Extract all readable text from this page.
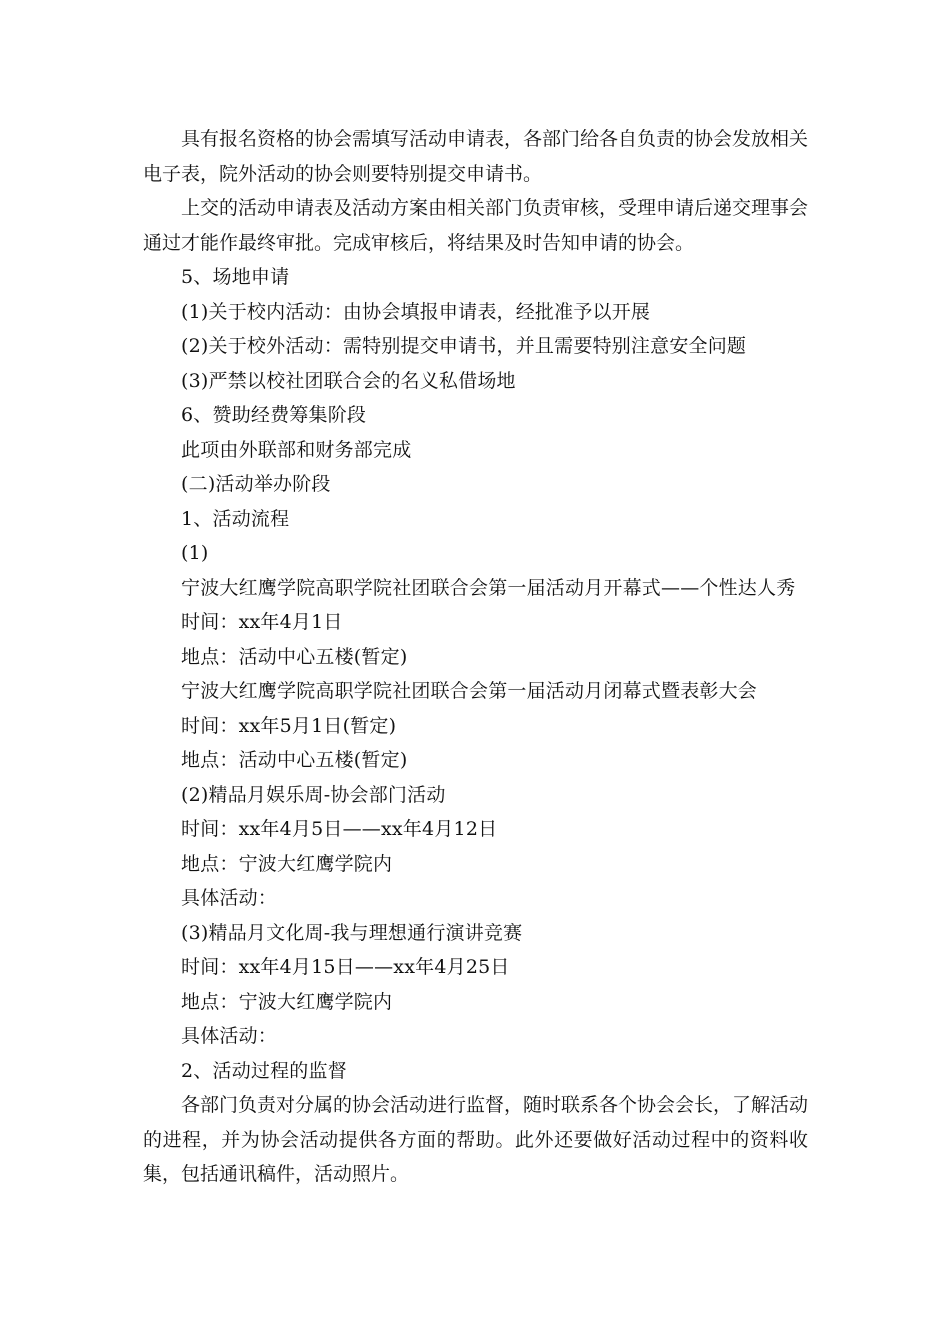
具有报名资格的协会需填写活动申请表，各部门给各自负责的协会发放相关电子表，院外活动的协会则要特别提交申请书。
上交的活动申请表及活动方案由相关部门负责审核，受理申请后递交理事会通过才能作最终审批。完成审核后，将结果及时告知申请的协会。
5、场地申请
(1)关于校内活动：由协会填报申请表，经批准予以开展
(2)关于校外活动：需特别提交申请书，并且需要特别注意安全问题
(3)严禁以校社团联合会的名义私借场地
6、赞助经费筹集阶段
此项由外联部和财务部完成
(二)活动举办阶段
1、活动流程
(1)
宁波大红鹰学院高职学院社团联合会第一届活动月开幕式——个性达人秀
时间：xx年4月1日
地点：活动中心五楼(暂定)
宁波大红鹰学院高职学院社团联合会第一届活动月闭幕式暨表彰大会
时间：xx年5月1日(暂定)
地点：活动中心五楼(暂定)
(2)精品月娱乐周-协会部门活动
时间：xx年4月5日——xx年4月12日
地点：宁波大红鹰学院内
具体活动：
(3)精品月文化周-我与理想通行演讲竞赛
时间：xx年4月15日——xx年4月25日
地点：宁波大红鹰学院内
具体活动：
2、活动过程的监督
各部门负责对分属的协会活动进行监督，随时联系各个协会会长，了解活动的进程，并为协会活动提供各方面的帮助。此外还要做好活动过程中的资料收集，包括通讯稿件，活动照片。
